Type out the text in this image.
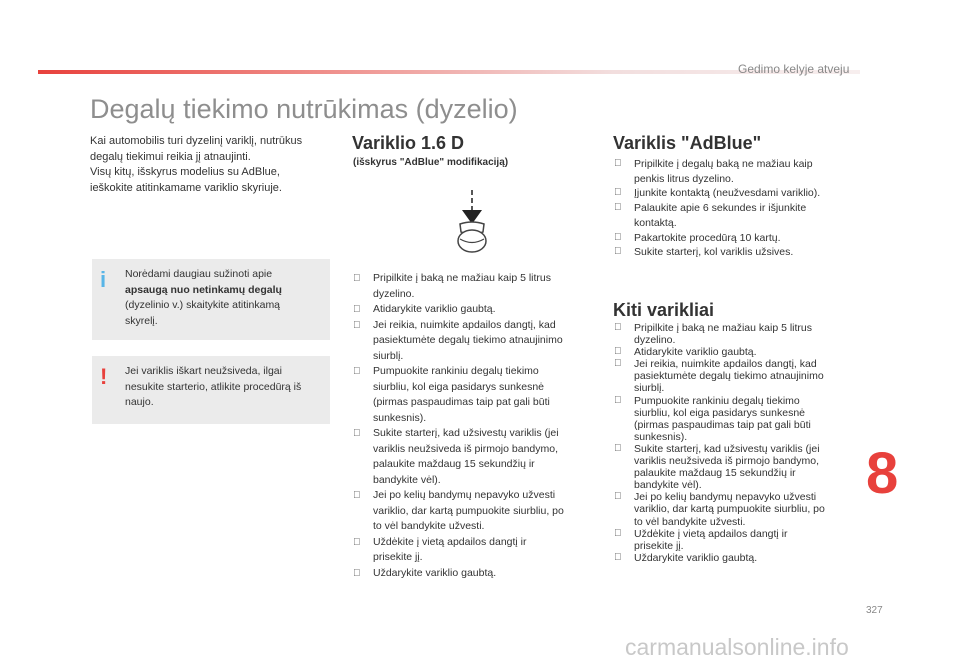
Gedimo kelyje atveju
Degalų tiekimo nutrūkimas (dyzelio)
Kai automobilis turi dyzelinį variklį, nutrūkus
degalų tiekimui reikia jį atnaujinti.
Visų kitų, išskyrus modelius su AdBlue,
ieškokite atitinkamame variklio skyriuje.
i Norėdami daugiau sužinoti apie
apsaugą nuo netinkamų degalų
(dyzelinio v.) skaitykite atitinkamą
skyrelį.
! Jei variklis iškart neužsiveda, ilgai
nesukite starterio, atlikite procedūrą iš
naujo.
Variklio 1.6 D
(išskyrus "AdBlue" modifikaciją)
Pripilkite į baką ne mažiau kaip 5 litrus
dyzelino.
Atidarykite variklio gaubtą.
Jei reikia, nuimkite apdailos dangtį, kad
pasiektumėte degalų tiekimo atnaujinimo
siurblį.
Pumpuokite rankiniu degalų tiekimo
siurbliu, kol eiga pasidarys sunkesnė
(pirmas paspaudimas taip pat gali būti
sunkesnis).
Sukite starterį, kad užsivestų variklis (jei
variklis neužsiveda iš pirmojo bandymo,
palaukite maždaug 15 sekundžių ir
bandykite vėl).
Jei po kelių bandymų nepavyko užvesti
variklio, dar kartą pumpuokite siurbliu, po
to vėl bandykite užvesti.
Uždėkite į vietą apdailos dangtį ir
prisekite jį.
Uždarykite variklio gaubtą.
Variklis "AdBlue"
Pripilkite į degalų baką ne mažiau kaip
penkis litrus dyzelino.
Įjunkite kontaktą (neužvesdami variklio).
Palaukite apie 6 sekundes ir išjunkite
kontaktą.
Pakartokite procedūrą 10 kartų.
Sukite starterį, kol variklis užsives.
Kiti varikliai
Pripilkite į baką ne mažiau kaip 5 litrus
dyzelino.
Atidarykite variklio gaubtą.
Jei reikia, nuimkite apdailos dangtį, kad
pasiektumėte degalų tiekimo atnaujinimo
siurblį.
Pumpuokite rankiniu degalų tiekimo
siurbliu, kol eiga pasidarys sunkesnė
(pirmas paspaudimas taip pat gali būti
sunkesnis).
Sukite starterį, kad užsivestų variklis (jei
variklis neužsiveda iš pirmojo bandymo,
palaukite maždaug 15 sekundžių ir
bandykite vėl).
Jei po kelių bandymų nepavyko užvesti
variklio, dar kartą pumpuokite siurbliu, po
to vėl bandykite užvesti.
Uždėkite į vietą apdailos dangtį ir
prisekite jį.
Uždarykite variklio gaubtą.
8
327
carmanualsonline.info
